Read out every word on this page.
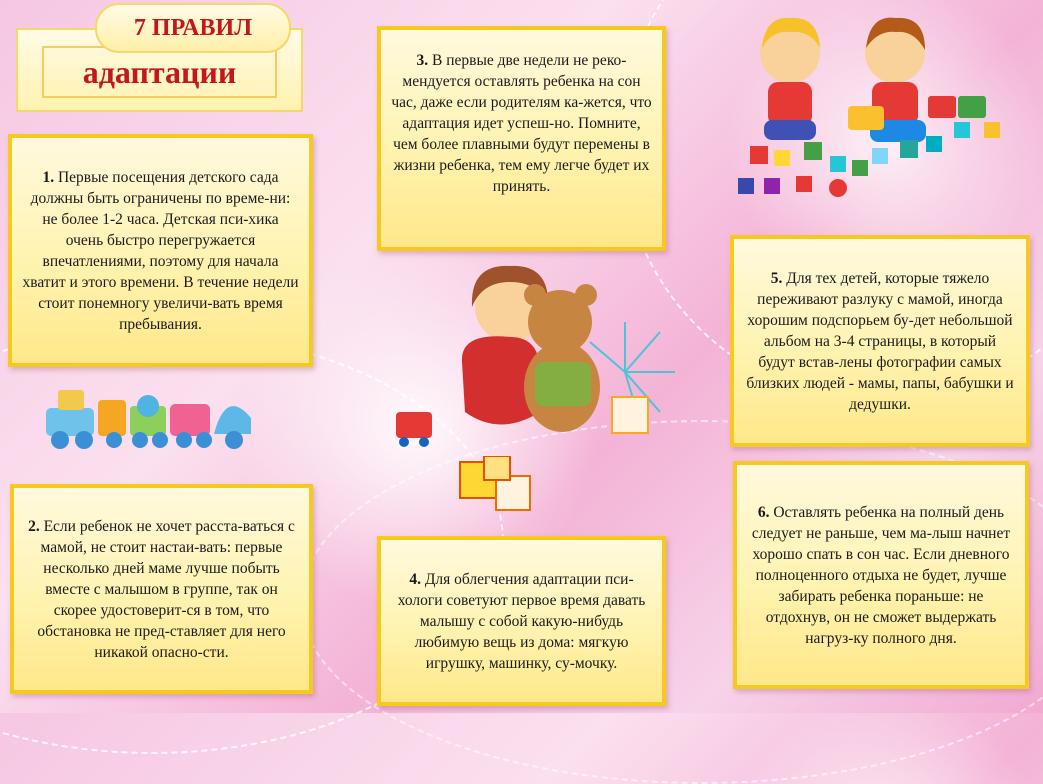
адаптации
7 ПРАВИЛ

1. Первые посещения детского сада должны быть ограничены по време-ни: не более 1-2 часа. Детская пси-хика очень быстро перегружается впечатлениями, поэтому для начала хватит и этого времени. В течение недели стоит понемногу увеличи-вать время пребывания.

2. Если ребенок не хочет расста-ваться с мамой, не стоит настаи-вать: первые несколько дней маме лучше побыть вместе с малышом в группе, так он скорее удостоверит-ся в том, что обстановка не пред-ставляет для него никакой опасно-сти.

3. В первые две недели не реко-мендуется оставлять ребенка на сон час, даже если родителям ка-жется, что адаптация идет успеш-но. Помните, чем более плавными будут перемены в жизни ребенка, тем ему легче будет их принять.

4. Для облегчения адаптации пси-хологи советуют первое время давать малышу с собой какую-нибудь любимую вещь из дома: мягкую игрушку, машинку, су-мочку.

5. Для тех детей, которые тяжело переживают разлуку с мамой, иногда хорошим подспорьем бу-дет небольшой альбом на 3-4 страницы, в который будут встав-лены фотографии самых близких людей - мамы, папы, бабушки и дедушки.

6. Оставлять ребенка на полный день следует не раньше, чем ма-лыш начнет хорошо спать в сон час. Если дневного полноценного отдыха не будет, лучше забирать ребенка пораньше: не отдохнув, он не сможет выдержать нагруз-ку полного дня.
